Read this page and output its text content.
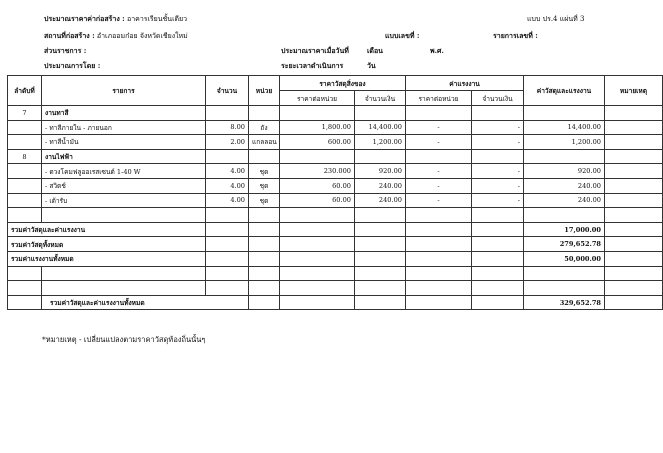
ประมาณราคาค่าก่อสร้าง : อาคารเรียนชั้นเดียว	แบบ ปร.4 แผ่นที่ 3
สถานที่ก่อสร้าง : อำเภออมก๋อย จังหวัดเชียงใหม่	แบบเลขที่ :	รายการเลขที่ :
ส่วนราชการ :	ประมาณราคาเมื่อวันที่	เดือน	พ.ศ.
ประมาณการโดย :	ระยะเวลาดำเนินการ	วัน
ลำดับที่	รายการ	จำนวน	หน่วย	ราคาวัสดุสิ่งของ		ค่าแรงงาน		ค่าวัสดุและแรงงาน	หมายเหตุ
				ราคาต่อหน่วย	จำนวนเงิน	ราคาต่อหน่วย	จำนวนเงิน		
7	งานทาสี								
	- ทาสีภายใน - ภายนอก	8.00	ถัง	1,800.00	14,400.00	-	-	14,400.00	
	- ทาสีน้ำมัน	2.00	แกลลอน	600.00	1,200.00	-	-	1,200.00	
8	งานไฟฟ้า								
	- ดวงโคมฟลูออเรสเซนต์ 1-40 W	4.00	ชุด	230.000	920.00	-	-	920.00	
	- สวิตช์	4.00	ชุด	60.00	240.00	-	-	240.00	
	- เต้ารับ	4.00	ชุด	60.00	240.00	-	-	240.00	

รวมค่าวัสดุและค่าแรงงาน								17,000.00	
รวมค่าวัสดุทั้งหมด								279,652.78	
รวมค่าแรงงานทั้งหมด								50,000.00	

	รวมค่าวัสดุและค่าแรงงานทั้งหมด							329,652.78	
*หมายเหตุ - เปลี่ยนแปลงตามราคาวัสดุท้องถิ่นนั้นๆ
